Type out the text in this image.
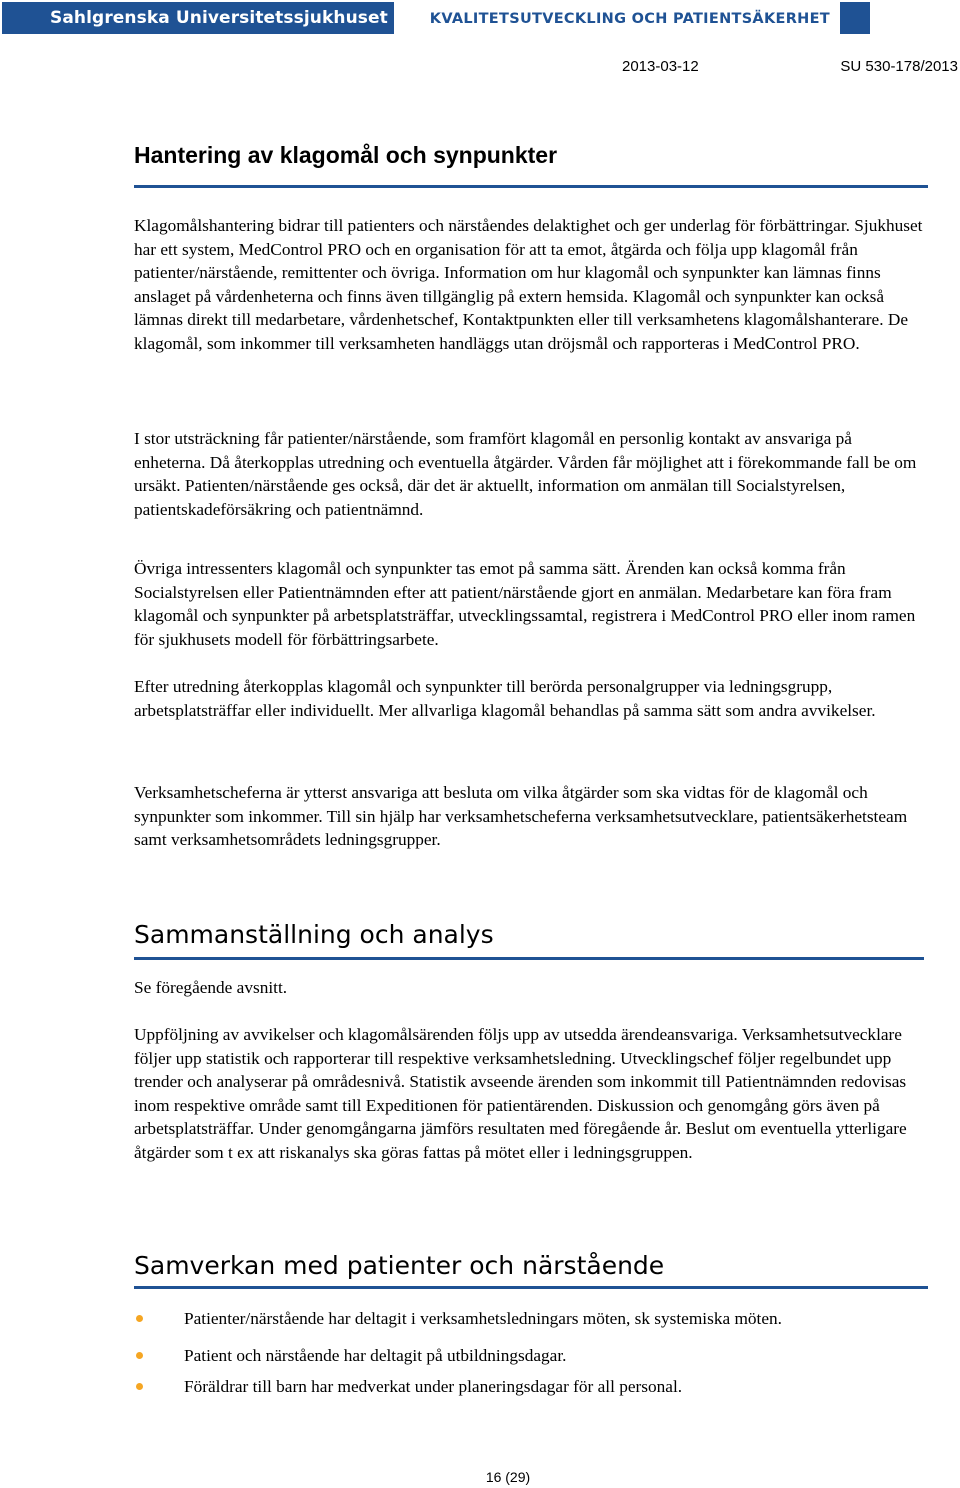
Sahlgrenska Universitetssjukhuset	KVALITETSUTVECKLING OCH PATIENTSÄKERHET
2013-03-12	SU 530-178/2013
Hantering av klagomål och synpunkter

Klagomålshantering bidrar till patienters och närståendes delaktighet och ger underlag för förbättringar. Sjukhuset har ett system, MedControl PRO och en organisation för att ta emot, åtgärda och följa upp klagomål från patienter/närstående, remittenter och övriga. Information om hur klagomål och synpunkter kan lämnas finns anslaget på vårdenheterna och finns även tillgänglig på extern hemsida. Klagomål och synpunkter kan också lämnas direkt till medarbetare, vårdenhetschef, Kontaktpunkten eller till verksamhetens klagomålshanterare. De klagomål, som inkommer till verksamheten handläggs utan dröjsmål och rapporteras i MedControl PRO.

I stor utsträckning får patienter/närstående, som framfört klagomål en personlig kontakt av ansvariga på enheterna. Då återkopplas utredning och eventuella åtgärder. Vården får möjlighet att i förekommande fall be om ursäkt. Patienten/närstående ges också, där det är aktuellt, information om anmälan till Socialstyrelsen, patientskadeförsäkring och patientnämnd.

Övriga intressenters klagomål och synpunkter tas emot på samma sätt. Ärenden kan också komma från Socialstyrelsen eller Patientnämnden efter att patient/närstående gjort en anmälan. Medarbetare kan föra fram klagomål och synpunkter på arbetsplatsträffar, utvecklingssamtal, registrera i MedControl PRO eller inom ramen för sjukhusets modell för förbättringsarbete.

Efter utredning återkopplas klagomål och synpunkter till berörda personalgrupper via ledningsgrupp, arbetsplatsträffar eller individuellt. Mer allvarliga klagomål behandlas på samma sätt som andra avvikelser.

Verksamhetscheferna är ytterst ansvariga att besluta om vilka åtgärder som ska vidtas för de klagomål och synpunkter som inkommer. Till sin hjälp har verksamhetscheferna verksamhetsutvecklare, patientsäkerhetsteam samt verksamhetsområdets ledningsgrupper.

Sammanställning och analys

Se föregående avsnitt.

Uppföljning av avvikelser och klagomålsärenden följs upp av utsedda ärendeansvariga. Verksamhetsutvecklare följer upp statistik och rapporterar till respektive verksamhetsledning. Utvecklingschef följer regelbundet upp trender och analyserar på områdesnivå. Statistik avseende ärenden som inkommit till Patientnämnden redovisas inom respektive område samt till Expeditionen för patientärenden. Diskussion och genomgång görs även på arbetsplatsträffar. Under genomgångarna jämförs resultaten med föregående år. Beslut om eventuella ytterligare åtgärder som t ex att riskanalys ska göras fattas på mötet eller i ledningsgruppen.

Samverkan med patienter och närstående
Patienter/närstående har deltagit i verksamhetsledningars möten, sk systemiska möten.
Patient och närstående har deltagit på utbildningsdagar.
Föräldrar till barn har medverkat under planeringsdagar för all personal.
16 (29)
